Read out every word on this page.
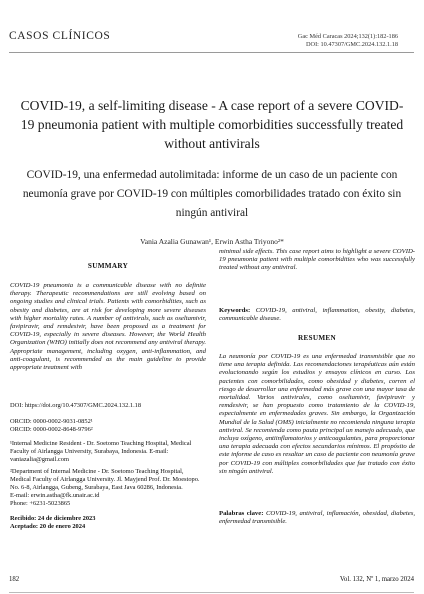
CASOS CLÍNICOS	Gac Méd Caracas 2024;132(1):182-186
DOI: 10.47307/GMC.2024.132.1.18
COVID-19, a self-limiting disease - A case report of a severe COVID-19 pneumonia patient with multiple comorbidities successfully treated without antivirals
COVID-19, una enfermedad autolimitada: informe de un caso de un paciente con neumonía grave por COVID-19 con múltiples comorbilidades tratado con éxito sin ningún antiviral
Vania Azalia Gunawan¹, Erwin Astha Triyono²*
SUMMARY

COVID-19 pneumonia is a communicable disease with no definite therapy. Therapeutic recommendations are still evolving based on ongoing studies and clinical trials. Patients with comorbidities, such as obesity and diabetes, are at risk for developing more severe diseases with higher mortality rates. A number of antivirals, such as oseltamivir, favipiravir, and remdesivir, have been proposed as a treatment for COVID-19, especially in severe diseases. However, the World Health Organization (WHO) initially does not recommend any antiviral therapy. Appropriate management, including oxygen, anti-inflammation, and anti-coagulant, is recommended as the main guideline to provide appropriate treatment with

DOI: https://doi.org/10.47307/GMC.2024.132.1.18
ORCID: 0000-0002-9031-0852¹
ORCID: 0000-0002-8648-9796²
¹Internal Medicine Resident - Dr. Soetomo Teaching Hospital, Medical Faculty of Airlangga University, Surabaya, Indonesia. E-mail: vaniazalia@gmail.com
²Department of Internal Medicine - Dr. Soetomo Teaching Hospital, Medical Faculty of Airlangga University. Jl. Mayjend Prof. Dr. Moestopo. No. 6-8, Airlangga, Gubeng, Surabaya, East Java 60286, Indonesia.
E-mail: erwin.astha@fk.unair.ac.id
Phone: +6231-5023865
Recibido: 24 de diciembre 2023
Aceptado: 20 de enero 2024

minimal side effects. This case report aims to highlight a severe COVID-19 pneumonia patient with multiple comorbidities who was successfully treated without any antiviral.

Keywords: COVID-19, antiviral, inflammation, obesity, diabetes, communicable disease.

RESUMEN

La neumonía por COVID-19 es una enfermedad transmisible que no tiene una terapia definida. Las recomendaciones terapéuticas aún están evolucionando según los estudios y ensayos clínicos en curso. Los pacientes con comorbilidades, como obesidad y diabetes, corren el riesgo de desarrollar una enfermedad más grave con una mayor tasa de mortalidad. Varios antivirales, como oseltamivir, favipiravir y remdesivir, se han propuesto como tratamiento de la COVID-19, especialmente en enfermedades graves. Sin embargo, la Organización Mundial de la Salud (OMS) inicialmente no recomienda ninguna terapia antiviral. Se recomienda como pauta principal un manejo adecuado, que incluya oxígeno, antiinflamatorios y anticoagulantes, para proporcionar una terapia adecuada con efectos secundarios mínimos. El propósito de este informe de caso es resaltar un caso de paciente con neumonía grave por COVID-19 con múltiples comorbilidades que fue tratado con éxito sin ningún antiviral.

Palabras clave: COVID-19, antiviral, inflamación, obesidad, diabetes, enfermedad transmisible.

182	Vol. 132, Nº 1, marzo 2024
